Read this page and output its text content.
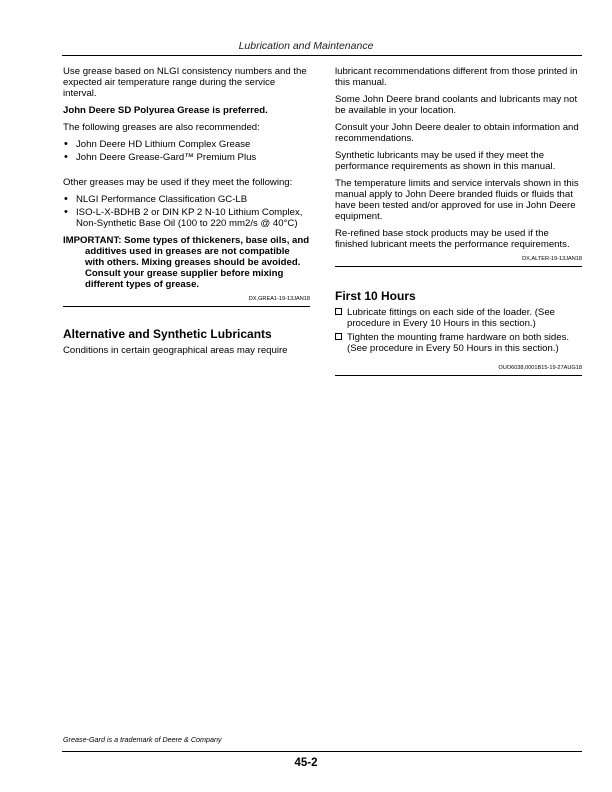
Lubrication and Maintenance

Use grease based on NLGI consistency numbers and the expected air temperature range during the service interval.

John Deere SD Polyurea Grease is preferred.

The following greases are also recommended:

• John Deere HD Lithium Complex Grease
• John Deere Grease-Gard™ Premium Plus

Other greases may be used if they meet the following:

• NLGI Performance Classification GC-LB
• ISO-L-X-BDHB 2 or DIN KP 2 N-10 Lithium Complex, Non-Synthetic Base Oil (100 to 220 mm2/s @ 40°C)

IMPORTANT: Some types of thickeners, base oils, and additives used in greases are not compatible with others. Mixing greases should be avoided. Consult your grease supplier before mixing different types of grease.

DX,GREA1-19-13JAN18
Alternative and Synthetic Lubricants

Conditions in certain geographical areas may require

lubricant recommendations different from those printed in this manual.

Some John Deere brand coolants and lubricants may not be available in your location.

Consult your John Deere dealer to obtain information and recommendations.

Synthetic lubricants may be used if they meet the performance requirements as shown in this manual.

The temperature limits and service intervals shown in this manual apply to John Deere branded fluids or fluids that have been tested and/or approved for use in John Deere equipment.

Re-refined base stock products may be used if the finished lubricant meets the performance requirements.

DX,ALTER-19-13JAN18
First 10 Hours
Lubricate fittings on each side of the loader. (See procedure in Every 10 Hours in this section.)
Tighten the mounting frame hardware on both sides. (See procedure in Every 50 Hours in this section.)
OUO6038,0001B15-19-27AUG18
Grease-Gard is a trademark of Deere & Company
45-2
